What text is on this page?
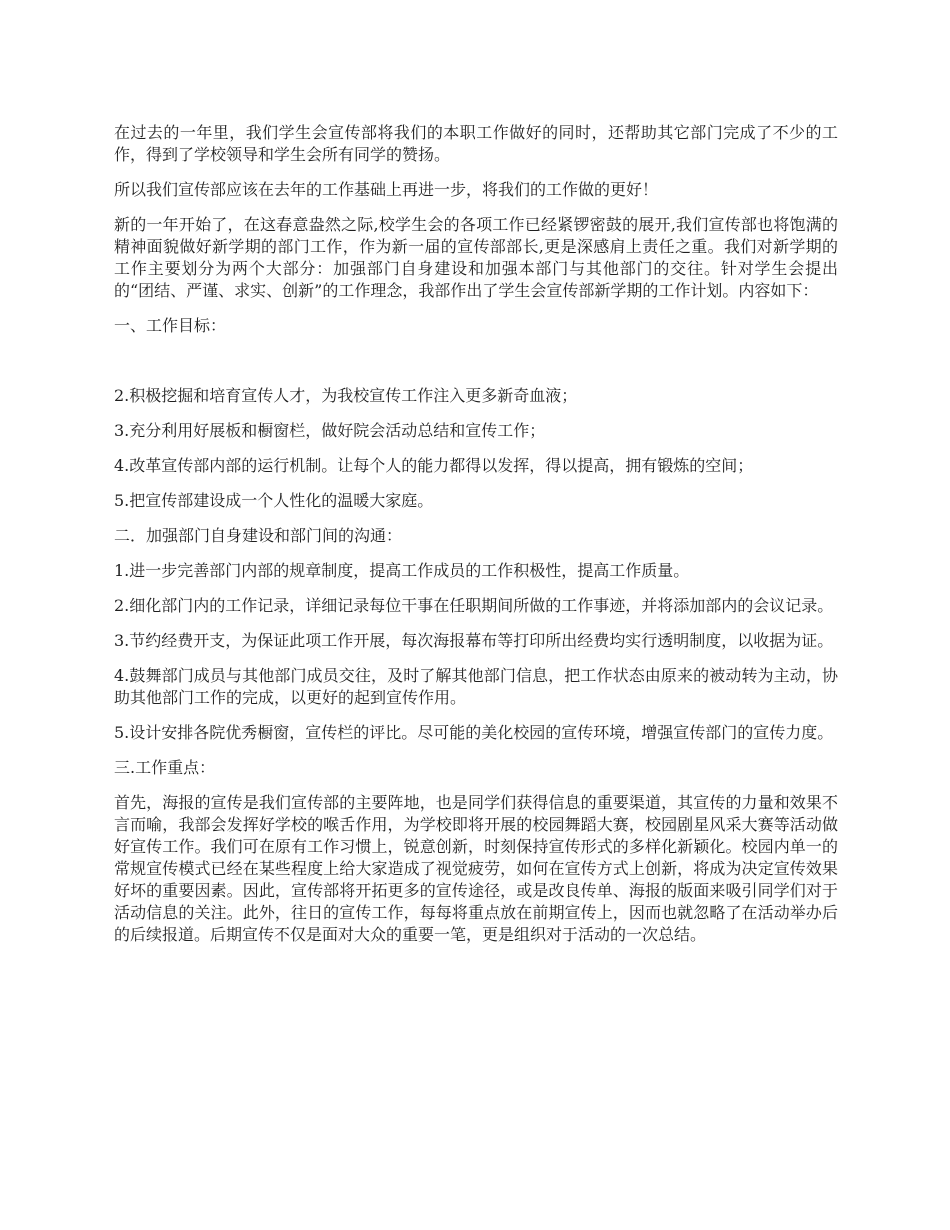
在过去的一年里，我们学生会宣传部将我们的本职工作做好的同时，还帮助其它部门完成了不少的工作，得到了学校领导和学生会所有同学的赞扬。

所以我们宣传部应该在去年的工作基础上再进一步，将我们的工作做的更好！

新的一年开始了，在这春意盎然之际,校学生会的各项工作已经紧锣密鼓的展开,我们宣传部也将饱满的精神面貌做好新学期的部门工作，作为新一届的宣传部部长,更是深感肩上责任之重。我们对新学期的工作主要划分为两个大部分：加强部门自身建设和加强本部门与其他部门的交往。针对学生会提出的“团结、严谨、求实、创新”的工作理念，我部作出了学生会宣传部新学期的工作计划。内容如下：

一、工作目标：

2.积极挖掘和培育宣传人才，为我校宣传工作注入更多新奇血液；

3.充分利用好展板和橱窗栏，做好院会活动总结和宣传工作；

4.改革宣传部内部的运行机制。让每个人的能力都得以发挥，得以提高，拥有锻炼的空间；

5.把宣传部建设成一个人性化的温暖大家庭。

二．加强部门自身建设和部门间的沟通：

1.进一步完善部门内部的规章制度，提高工作成员的工作积极性，提高工作质量。

2.细化部门内的工作记录，详细记录每位干事在任职期间所做的工作事迹，并将添加部内的会议记录。

3.节约经费开支，为保证此项工作开展，每次海报幕布等打印所出经费均实行透明制度，以收据为证。

4.鼓舞部门成员与其他部门成员交往，及时了解其他部门信息，把工作状态由原来的被动转为主动，协助其他部门工作的完成，以更好的起到宣传作用。

5.设计安排各院优秀橱窗，宣传栏的评比。尽可能的美化校园的宣传环境，增强宣传部门的宣传力度。

三.工作重点：

首先，海报的宣传是我们宣传部的主要阵地，也是同学们获得信息的重要渠道，其宣传的力量和效果不言而喻，我部会发挥好学校的喉舌作用，为学校即将开展的校园舞蹈大赛，校园剧星风采大赛等活动做好宣传工作。我们可在原有工作习惯上，锐意创新，时刻保持宣传形式的多样化新颖化。校园内单一的常规宣传模式已经在某些程度上给大家造成了视觉疲劳，如何在宣传方式上创新，将成为决定宣传效果好坏的重要因素。因此，宣传部将开拓更多的宣传途径，或是改良传单、海报的版面来吸引同学们对于活动信息的关注。此外，往日的宣传工作，每每将重点放在前期宣传上，因而也就忽略了在活动举办后的后续报道。后期宣传不仅是面对大众的重要一笔，更是组织对于活动的一次总结。
